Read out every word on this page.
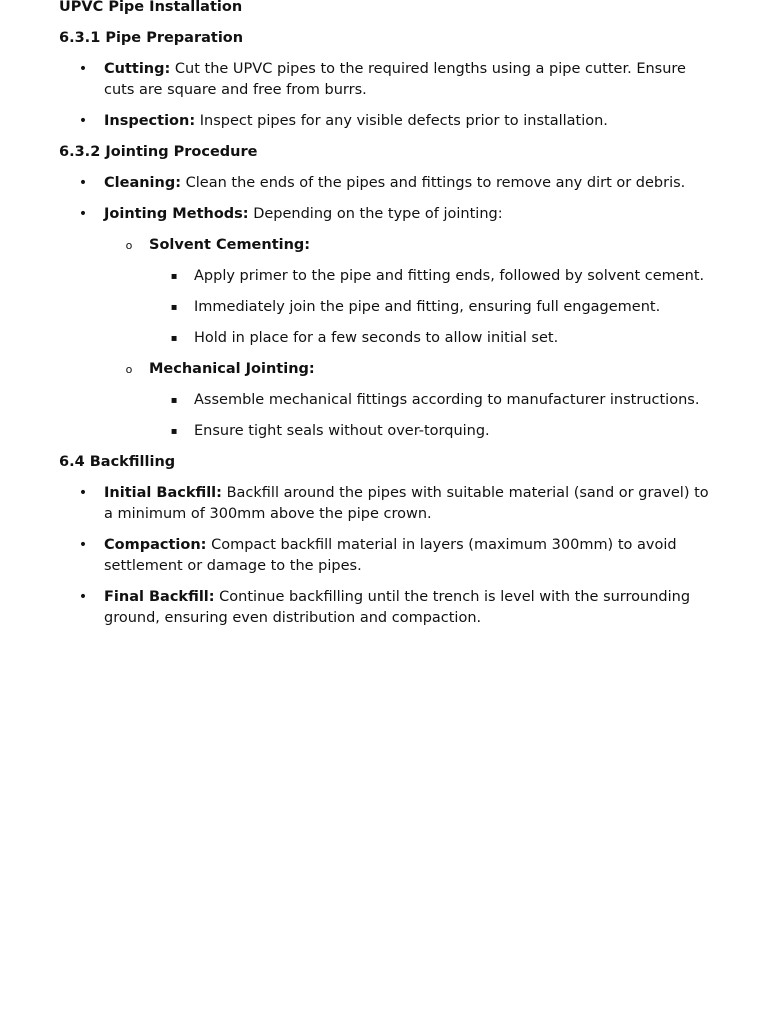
UPVC Pipe Installation
6.3.1 Pipe Preparation
• Cutting: Cut the UPVC pipes to the required lengths using a pipe cutter. Ensure cuts are square and free from burrs.
• Inspection: Inspect pipes for any visible defects prior to installation.
6.3.2 Jointing Procedure
• Cleaning: Clean the ends of the pipes and fittings to remove any dirt or debris.
• Jointing Methods: Depending on the type of jointing:
o Solvent Cementing:
▪ Apply primer to the pipe and fitting ends, followed by solvent cement.
▪ Immediately join the pipe and fitting, ensuring full engagement.
▪ Hold in place for a few seconds to allow initial set.
o Mechanical Jointing:
▪ Assemble mechanical fittings according to manufacturer instructions.
▪ Ensure tight seals without over-torquing.
6.4 Backfilling
• Initial Backfill: Backfill around the pipes with suitable material (sand or gravel) to a minimum of 300mm above the pipe crown.
• Compaction: Compact backfill material in layers (maximum 300mm) to avoid settlement or damage to the pipes.
• Final Backfill: Continue backfilling until the trench is level with the surrounding ground, ensuring even distribution and compaction.
